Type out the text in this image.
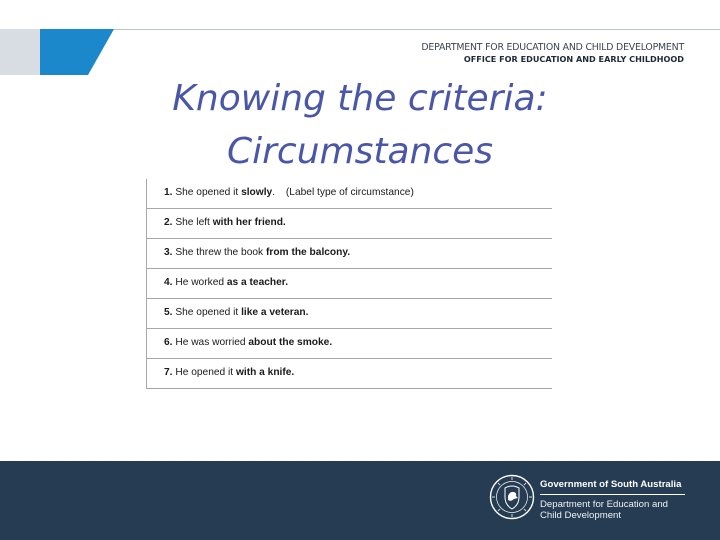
DEPARTMENT FOR EDUCATION AND CHILD DEVELOPMENT
OFFICE FOR EDUCATION AND EARLY CHILDHOOD
Knowing the criteria:
Circumstances
1. She opened it slowly. (Label type of circumstance)
2. She left with her friend.
3. She threw the book from the balcony.
4. He worked as a teacher.
5. She opened it like a veteran.
6. He was worried about the smoke.
7. He opened it with a knife.
Government of South Australia
Department for Education and
Child Development
